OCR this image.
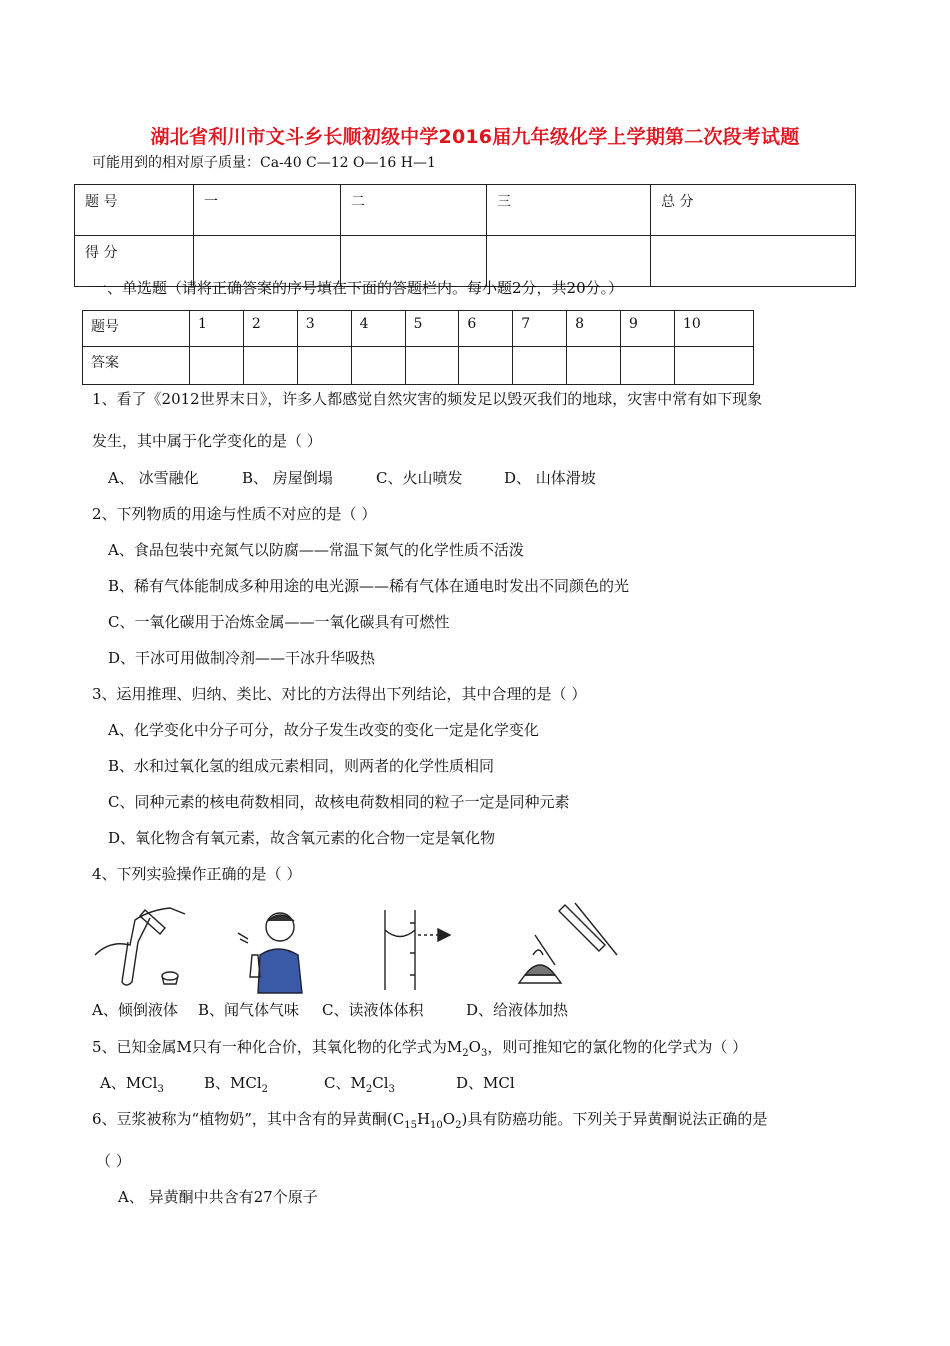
湖北省利川市文斗乡长顺初级中学2016届九年级化学上学期第二次段考试题
可能用到的相对原子质量：Ca-40 C—12 O—16 H—1
题 号	一	二	三	总 分
得 分				
一、单选题（请将正确答案的序号填在下面的答题栏内。每小题2分，共20分。）
题号	1	2	3	4	5	6	7	8	9	10
答案										
1、看了《2012世界末日》，许多人都感觉自然灾害的频发足以毁灭我们的地球，灾害中常有如下现象
发生，其中属于化学变化的是（ ）
A、 冰雪融化	B、 房屋倒塌	C、火山喷发	D、 山体滑坡
2、下列物质的用途与性质不对应的是（ ）
A、食品包装中充氮气以防腐——常温下氮气的化学性质不活泼
B、稀有气体能制成多种用途的电光源——稀有气体在通电时发出不同颜色的光
C、一氧化碳用于冶炼金属——一氧化碳具有可燃性
D、干冰可用做制冷剂——干冰升华吸热
3、运用推理、归纳、类比、对比的方法得出下列结论，其中合理的是（ ）
A、化学变化中分子可分，故分子发生改变的变化一定是化学变化
B、水和过氧化氢的组成元素相同，则两者的化学性质相同
C、同种元素的核电荷数相同，故核电荷数相同的粒子一定是同种元素
D、氧化物含有氧元素，故含氧元素的化合物一定是氧化物
4、下列实验操作正确的是（ ）
A、倾倒液体 B、闻气体气味 C、读液体体积	D、给液体加热
5、已知金属M只有一种化合价，其氧化物的化学式为$M_2O_3$，则可推知它的氯化物的化学式为（ ）
A、MCl$_3$	B、MCl$_2$	C、$M_2Cl_3$	D、MCl
6、豆浆被称为“植物奶”，其中含有的异黄酮$(C_{15}H_{10}O_2)$具有防癌功能。下列关于异黄酮说法正确的是
（ ）
A、 异黄酮中共含有27个原子
